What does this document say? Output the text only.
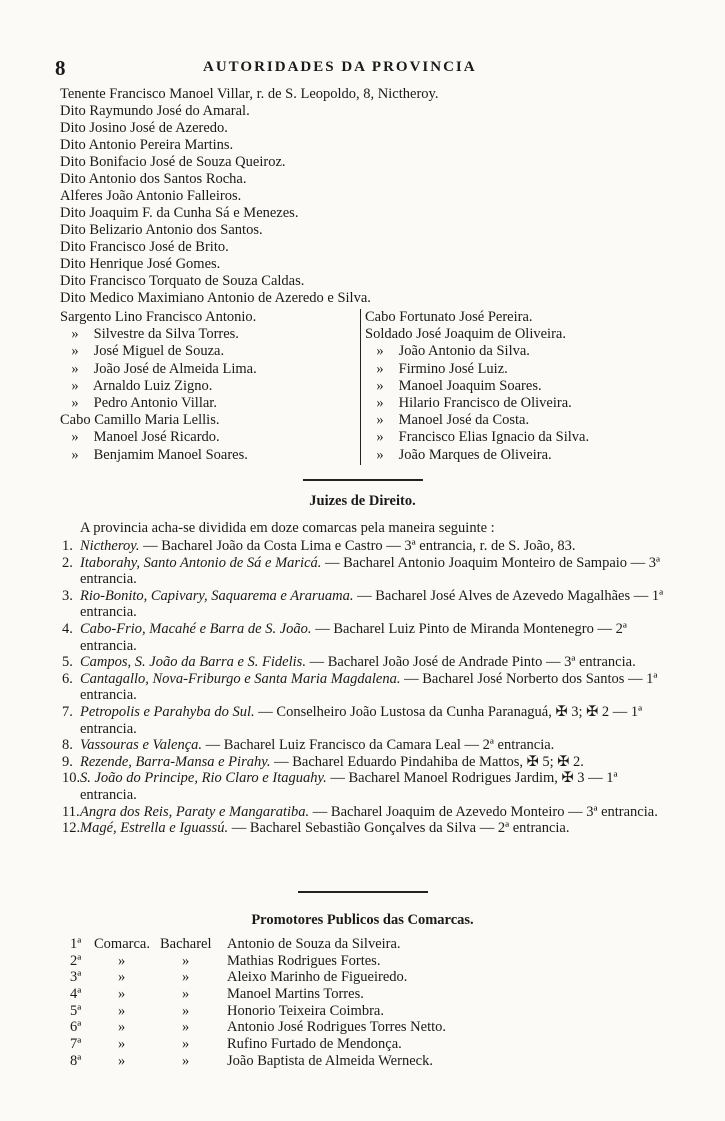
8	AUTORIDADES DA PROVINCIA
Tenente Francisco Manoel Villar, r. de S. Leopoldo, 8, Nictheroy.
Dito Raymundo José do Amaral.
Dito Josino José de Azeredo.
Dito Antonio Pereira Martins.
Dito Bonifacio José de Souza Queiroz.
Dito Antonio dos Santos Rocha.
Alferes João Antonio Falleiros.
Dito Joaquim F. da Cunha Sá e Menezes.
Dito Belizario Antonio dos Santos.
Dito Francisco José de Brito.
Dito Henrique José Gomes.
Dito Francisco Torquato de Souza Caldas.
Dito Medico Maximiano Antonio de Azeredo e Silva.
Sargento Lino Francisco Antonio.
» Silvestre da Silva Torres.
» José Miguel de Souza.
» João José de Almeida Lima.
» Arnaldo Luiz Zigno.
» Pedro Antonio Villar.
Cabo Camillo Maria Lellis.
» Manoel José Ricardo.
» Benjamim Manoel Soares.
Cabo Fortunato José Pereira.
Soldado José Joaquim de Oliveira.
» João Antonio da Silva.
» Firmino José Luiz.
» Manoel Joaquim Soares.
» Hilario Francisco de Oliveira.
» Manoel José da Costa.
» Francisco Elias Ignacio da Silva.
» João Marques de Oliveira.
Juizes de Direito.
A provincia acha-se dividida em doze comarcas pela maneira seguinte :
1. Nictheroy. — Bacharel João da Costa Lima e Castro — 3ª entrancia, r. de S. João, 83.
2. Itaborahy, Santo Antonio de Sá e Maricá. — Bacharel Antonio Joaquim Monteiro de Sampaio — 3ª entrancia.
3. Rio-Bonito, Capivary, Saquarema e Araruama. — Bacharel José Alves de Azevedo Magalhães — 1ª entrancia.
4. Cabo-Frio, Macahé e Barra de S. João. — Bacharel Luiz Pinto de Miranda Montenegro — 2ª entrancia.
5. Campos, S. João da Barra e S. Fidelis. — Bacharel João José de Andrade Pinto — 3ª entrancia.
6. Cantagallo, Nova-Friburgo e Santa Maria Magdalena. — Bacharel José Norberto dos Santos — 1ª entrancia.
7. Petropolis e Parahyba do Sul. — Conselheiro João Lustosa da Cunha Paranaguá, ✠ 3; ✠ 2 — 1ª entrancia.
8. Vassouras e Valença. — Bacharel Luiz Francisco da Camara Leal — 2ª entrancia.
9. Rezende, Barra-Mansa e Pirahy. — Bacharel Eduardo Pindahiba de Mattos, ✠ 5; ✠ 2.
10. S. João do Principe, Rio Claro e Itaguahy. — Bacharel Manoel Rodrigues Jardim, ✠ 3 — 1ª entrancia.
11. Angra dos Reis, Paraty e Mangaratiba. — Bacharel Joaquim de Azevedo Monteiro — 3ª entrancia.
12. Magé, Estrella e Iguassú. — Bacharel Sebastião Gonçalves da Silva — 2ª entrancia.
Promotores Publicos das Comarcas.
1ª Comarca. Bacharel Antonio de Souza da Silveira.
2ª	»	»	Mathias Rodrigues Fortes.
3ª	»	»	Aleixo Marinho de Figueiredo.
4ª	»	»	Manoel Martins Torres.
5ª	»	»	Honorio Teixeira Coimbra.
6ª	»	»	Antonio José Rodrigues Torres Netto.
7ª	»	»	Rufino Furtado de Mendonça.
8ª	»	»	João Baptista de Almeida Werneck.
